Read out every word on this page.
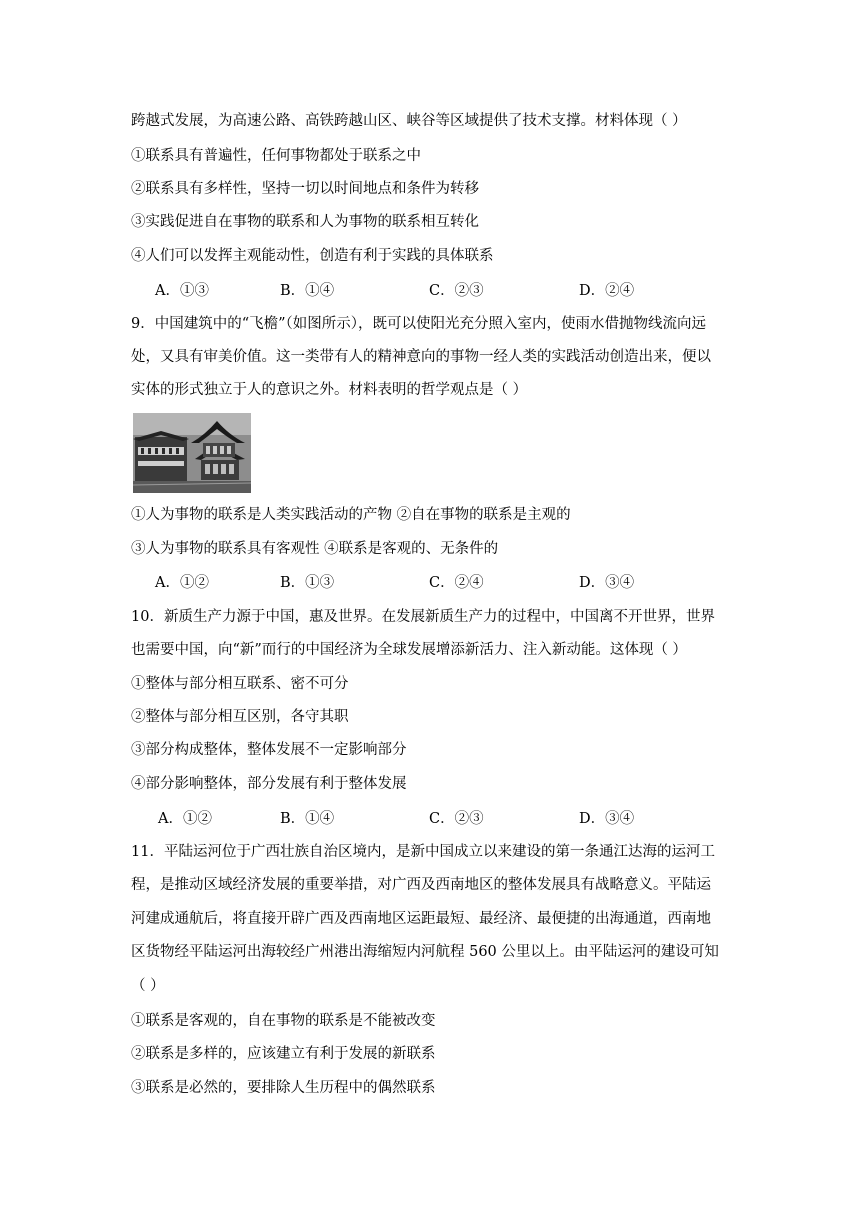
跨越式发展，为高速公路、高铁跨越山区、峡谷等区域提供了技术支撑。材料体现（ ）
①联系具有普遍性，任何事物都处于联系之中
②联系具有多样性，坚持一切以时间地点和条件为转移
③实践促进自在事物的联系和人为事物的联系相互转化
④人们可以发挥主观能动性，创造有利于实践的具体联系
A．①③	B．①④	C．②③	D．②④
9．中国建筑中的“飞檐”（如图所示），既可以使阳光充分照入室内，使雨水借抛物线流向远
处，又具有审美价值。这一类带有人的精神意向的事物一经人类的实践活动创造出来，便以
实体的形式独立于人的意识之外。材料表明的哲学观点是（ ）
①人为事物的联系是人类实践活动的产物 ②自在事物的联系是主观的
③人为事物的联系具有客观性 ④联系是客观的、无条件的
A．①②	B．①③	C．②④	D．③④
10．新质生产力源于中国，惠及世界。在发展新质生产力的过程中，中国离不开世界，世界
也需要中国，向“新”而行的中国经济为全球发展增添新活力、注入新动能。这体现（ ）
①整体与部分相互联系、密不可分
②整体与部分相互区别，各守其职
③部分构成整体，整体发展不一定影响部分
④部分影响整体，部分发展有利于整体发展
A．①②	B．①④	C．②③	D．③④
11．平陆运河位于广西壮族自治区境内，是新中国成立以来建设的第一条通江达海的运河工
程，是推动区域经济发展的重要举措，对广西及西南地区的整体发展具有战略意义。平陆运
河建成通航后，将直接开辟广西及西南地区运距最短、最经济、最便捷的出海通道，西南地
区货物经平陆运河出海较经广州港出海缩短内河航程 560 公里以上。由平陆运河的建设可知
（ ）
①联系是客观的，自在事物的联系是不能被改变
②联系是多样的，应该建立有利于发展的新联系
③联系是必然的，要排除人生历程中的偶然联系
